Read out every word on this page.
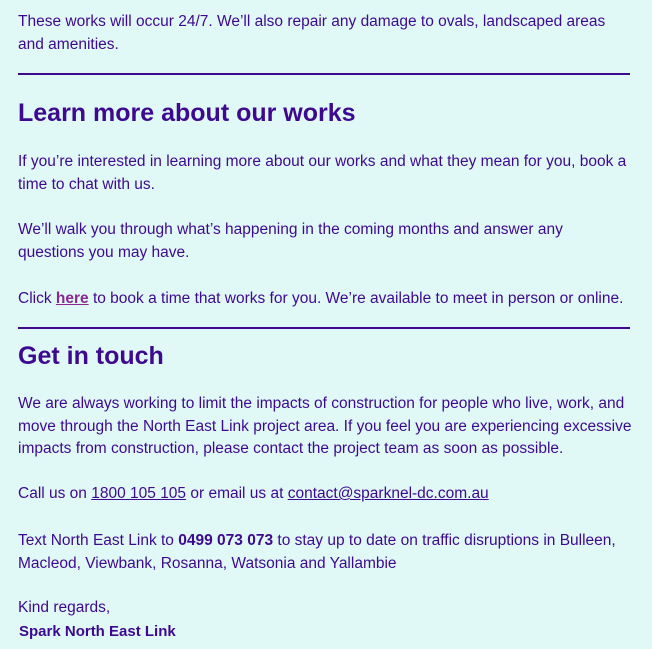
These works will occur 24/7. We’ll also repair any damage to ovals, landscaped areas and amenities.

Learn more about our works

If you’re interested in learning more about our works and what they mean for you, book a time to chat with us.

We’ll walk you through what’s happening in the coming months and answer any questions you may have.

Click here to book a time that works for you. We’re available to meet in person or online.

Get in touch

We are always working to limit the impacts of construction for people who live, work, and move through the North East Link project area. If you feel you are experiencing excessive impacts from construction, please contact the project team as soon as possible.

Call us on 1800 105 105 or email us at contact@sparknel-dc.com.au

Text North East Link to 0499 073 073 to stay up to date on traffic disruptions in Bulleen, Macleod, Viewbank, Rosanna, Watsonia and Yallambie

Kind regards,

Spark North East Link
